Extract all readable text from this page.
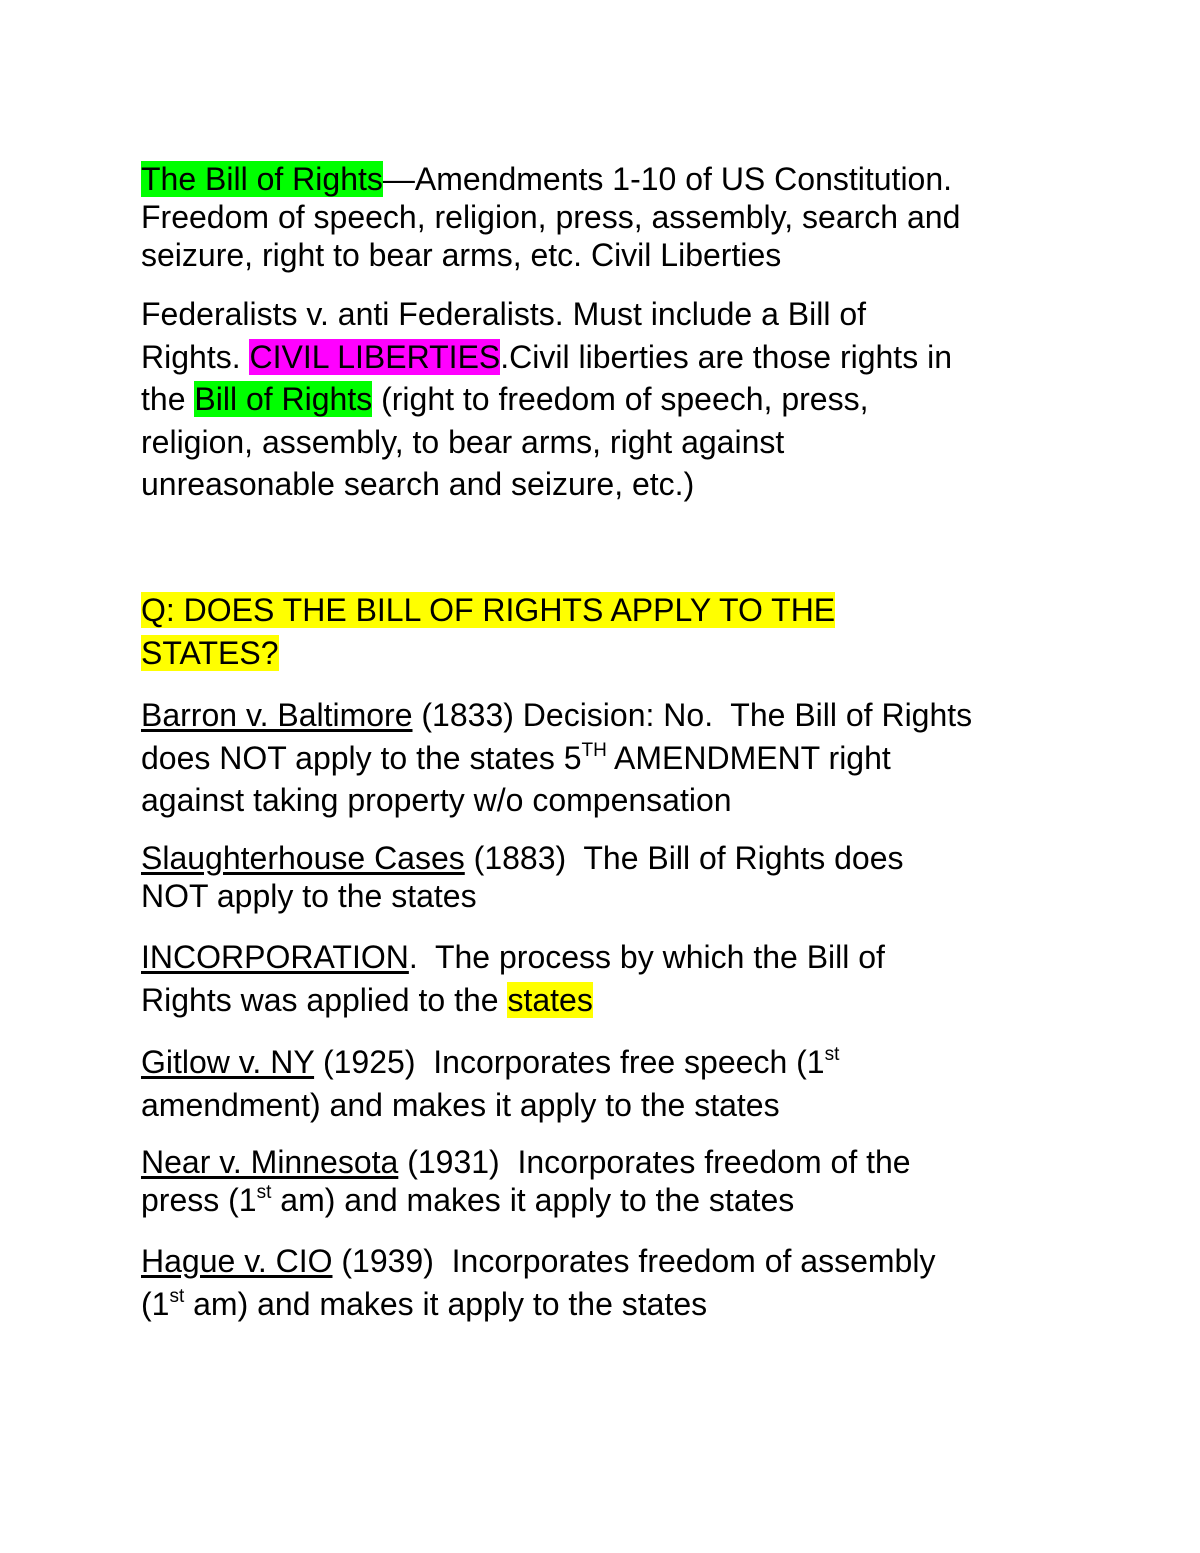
The Bill of Rights—Amendments 1-10 of US Constitution.
Freedom of speech, religion, press, assembly, search and
seizure, right to bear arms, etc. Civil Liberties
Federalists v. anti Federalists. Must include a Bill of
Rights. CIVIL LIBERTIES.Civil liberties are those rights in
the Bill of Rights (right to freedom of speech, press,
religion, assembly, to bear arms, right against
unreasonable search and seizure, etc.)
Q: DOES THE BILL OF RIGHTS APPLY TO THE
STATES?
Barron v. Baltimore (1833) Decision: No.  The Bill of Rights
does NOT apply to the states 5TH AMENDMENT right
against taking property w/o compensation
Slaughterhouse Cases (1883)  The Bill of Rights does
NOT apply to the states
INCORPORATION.  The process by which the Bill of
Rights was applied to the states
Gitlow v. NY (1925)  Incorporates free speech (1st
amendment) and makes it apply to the states
Near v. Minnesota (1931)  Incorporates freedom of the
press (1st am) and makes it apply to the states
Hague v. CIO (1939)  Incorporates freedom of assembly
(1st am) and makes it apply to the states
